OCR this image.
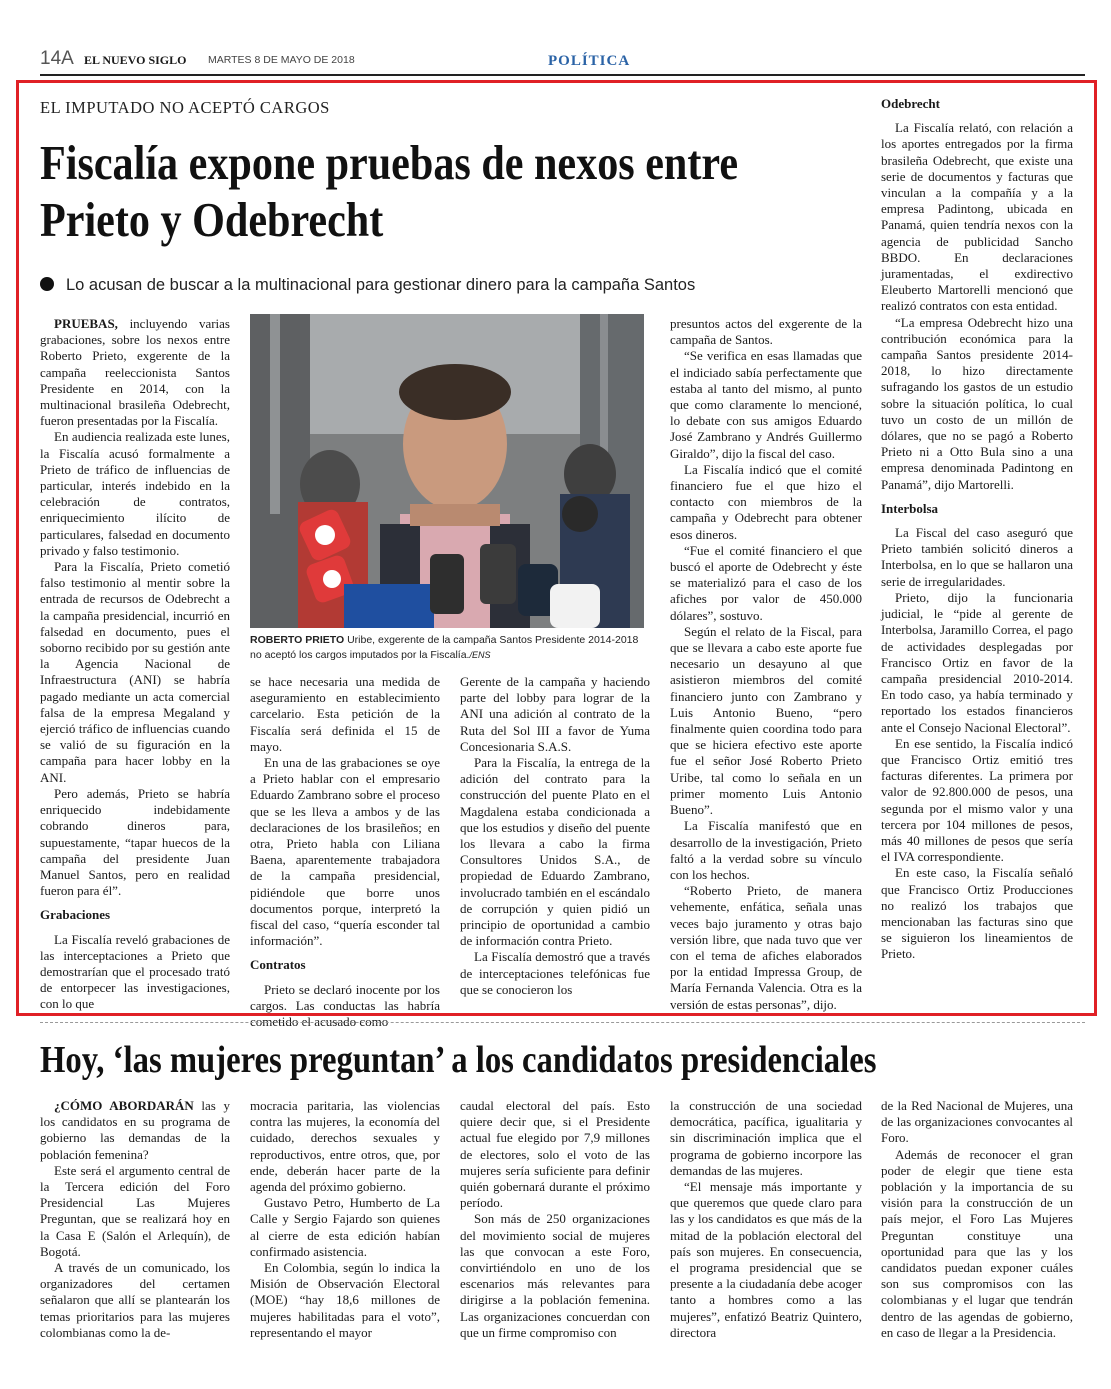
14A EL NUEVO SIGLO MARTES 8 DE MAYO DE 2018	POLÍTICA
EL IMPUTADO NO ACEPTÓ CARGOS
Fiscalía expone pruebas de nexos entre Prieto y Odebrecht
Lo acusan de buscar a la multinacional para gestionar dinero para la campaña Santos

PRUEBAS, incluyendo varias grabaciones, sobre los nexos entre Roberto Prieto, exgerente de la campaña reeleccionista Santos Presidente en 2014, con la multinacional brasileña Odebrecht, fueron presentadas por la Fiscalía.

En audiencia realizada este lunes, la Fiscalía acusó formalmente a Prieto de tráfico de influencias de particular, interés indebido en la celebración de contratos, enriquecimiento ilícito de particulares, falsedad en documento privado y falso testimonio.

Para la Fiscalía, Prieto cometió falso testimonio al mentir sobre la entrada de recursos de Odebrecht a la campaña presidencial, incurrió en falsedad en documento, pues el soborno recibido por su gestión ante la Agencia Nacional de Infraestructura (ANI) se habría pagado mediante un acta comercial falsa de la empresa Megaland y ejerció tráfico de influencias cuando se valió de su figuración en la campaña para hacer lobby en la ANI.

Pero además, Prieto se habría enriquecido indebidamente cobrando dineros para, supuestamente, “tapar huecos de la campaña del presidente Juan Manuel Santos, pero en realidad fueron para él”.

Grabaciones

La Fiscalía reveló grabaciones de las interceptaciones a Prieto que demostrarían que el procesado trató de entorpecer las investigaciones, con lo que

ROBERTO PRIETO Uribe, exgerente de la campaña Santos Presidente 2014-2018 no aceptó los cargos imputados por la Fiscalía./ENS

se hace necesaria una medida de aseguramiento en establecimiento carcelario. Esta petición de la Fiscalía será definida el 15 de mayo.

En una de las grabaciones se oye a Prieto hablar con el empresario Eduardo Zambrano sobre el proceso que se les lleva a ambos y de las declaraciones de los brasileños; en otra, Prieto habla con Liliana Baena, aparentemente trabajadora de la campaña presidencial, pidiéndole que borre unos documentos porque, interpretó la fiscal del caso, “quería esconder tal información”.

Contratos

Prieto se declaró inocente por los cargos. Las conductas las habría cometido el acusado como

Gerente de la campaña y haciendo parte del lobby para lograr de la ANI una adición al contrato de la Ruta del Sol III a favor de Yuma Concesionaria S.A.S.

Para la Fiscalía, la entrega de la adición del contrato para la construcción del puente Plato en el Magdalena estaba condicionada a que los estudios y diseño del puente los llevara a cabo la firma Consultores Unidos S.A., de propiedad de Eduardo Zambrano, involucrado también en el escándalo de corrupción y quien pidió un principio de oportunidad a cambio de información contra Prieto.

La Fiscalía demostró que a través de interceptaciones telefónicas fue que se conocieron los

presuntos actos del exgerente de la campaña de Santos.

“Se verifica en esas llamadas que el indiciado sabía perfectamente que estaba al tanto del mismo, al punto que como claramente lo mencioné, lo debate con sus amigos Eduardo José Zambrano y Andrés Guillermo Giraldo”, dijo la fiscal del caso.

La Fiscalía indicó que el comité financiero fue el que hizo el contacto con miembros de la campaña y Odebrecht para obtener esos dineros.

“Fue el comité financiero el que buscó el aporte de Odebrecht y éste se materializó para el caso de los afiches por valor de 450.000 dólares”, sostuvo.

Según el relato de la Fiscal, para que se llevara a cabo este aporte fue necesario un desayuno al que asistieron miembros del comité financiero junto con Zambrano y Luis Antonio Bueno, “pero finalmente quien coordina todo para que se hiciera efectivo este aporte fue el señor José Roberto Prieto Uribe, tal como lo señala en un primer momento Luis Antonio Bueno”.

La Fiscalía manifestó que en desarrollo de la investigación, Prieto faltó a la verdad sobre su vínculo con los hechos.

“Roberto Prieto, de manera vehemente, enfática, señala unas veces bajo juramento y otras bajo versión libre, que nada tuvo que ver con el tema de afiches elaborados por la entidad Impressa Group, de María Fernanda Valencia. Otra es la versión de estas personas”, dijo.

Odebrecht

La Fiscalía relató, con relación a los aportes entregados por la firma brasileña Odebrecht, que existe una serie de documentos y facturas que vinculan a la compañía y a la empresa Padintong, ubicada en Panamá, quien tendría nexos con la agencia de publicidad Sancho BBDO. En declaraciones juramentadas, el exdirectivo Eleuberto Martorelli mencionó que realizó contratos con esta entidad.

“La empresa Odebrecht hizo una contribución económica para la campaña Santos presidente 2014-2018, lo hizo directamente sufragando los gastos de un estudio sobre la situación política, lo cual tuvo un costo de un millón de dólares, que no se pagó a Roberto Prieto ni a Otto Bula sino a una empresa denominada Padintong en Panamá”, dijo Martorelli.

Interbolsa

La Fiscal del caso aseguró que Prieto también solicitó dineros a Interbolsa, en lo que se hallaron una serie de irregularidades.

Prieto, dijo la funcionaria judicial, le “pide al gerente de Interbolsa, Jaramillo Correa, el pago de actividades desplegadas por Francisco Ortiz en favor de la campaña presidencial 2010-2014. En todo caso, ya había terminado y reportado los estados financieros ante el Consejo Nacional Electoral”.

En ese sentido, la Fiscalía indicó que Francisco Ortiz emitió tres facturas diferentes. La primera por valor de 92.800.000 de pesos, una segunda por el mismo valor y una tercera por 104 millones de pesos, más 40 millones de pesos que sería el IVA correspondiente.

En este caso, la Fiscalía señaló que Francisco Ortiz Producciones no realizó los trabajos que mencionaban las facturas sino que se siguieron los lineamientos de Prieto.

Hoy, ‘las mujeres preguntan’ a los candidatos presidenciales

¿CÓMO ABORDARÁN las y los candidatos en su programa de gobierno las demandas de la población femenina?

Este será el argumento central de la Tercera edición del Foro Presidencial Las Mujeres Preguntan, que se realizará hoy en la Casa E (Salón el Arlequín), de Bogotá.

A través de un comunicado, los organizadores del certamen señalaron que allí se plantearán los temas prioritarios para las mujeres colombianas como la de-

mocracia paritaria, las violencias contra las mujeres, la economía del cuidado, derechos sexuales y reproductivos, entre otros, que, por ende, deberán hacer parte de la agenda del próximo gobierno.

Gustavo Petro, Humberto de La Calle y Sergio Fajardo son quienes al cierre de esta edición habían confirmado asistencia.

En Colombia, según lo indica la Misión de Observación Electoral (MOE) “hay 18,6 millones de mujeres habilitadas para el voto”, representando el mayor

caudal electoral del país. Esto quiere decir que, si el Presidente actual fue elegido por 7,9 millones de electores, solo el voto de las mujeres sería suficiente para definir quién gobernará durante el próximo período.

Son más de 250 organizaciones del movimiento social de mujeres las que convocan a este Foro, convirtiéndolo en uno de los escenarios más relevantes para dirigirse a la población femenina. Las organizaciones concuerdan con que un firme compromiso con

la construcción de una sociedad democrática, pacífica, igualitaria y sin discriminación implica que el programa de gobierno incorpore las demandas de las mujeres.

“El mensaje más importante y que queremos que quede claro para las y los candidatos es que más de la mitad de la población electoral del país son mujeres. En consecuencia, el programa presidencial que se presente a la ciudadanía debe acoger tanto a hombres como a las mujeres”, enfatizó Beatriz Quintero, directora

de la Red Nacional de Mujeres, una de las organizaciones convocantes al Foro.

Además de reconocer el gran poder de elegir que tiene esta población y la importancia de su visión para la construcción de un país mejor, el Foro Las Mujeres Preguntan constituye una oportunidad para que las y los candidatos puedan exponer cuáles son sus compromisos con las colombianas y el lugar que tendrán dentro de las agendas de gobierno, en caso de llegar a la Presidencia.
